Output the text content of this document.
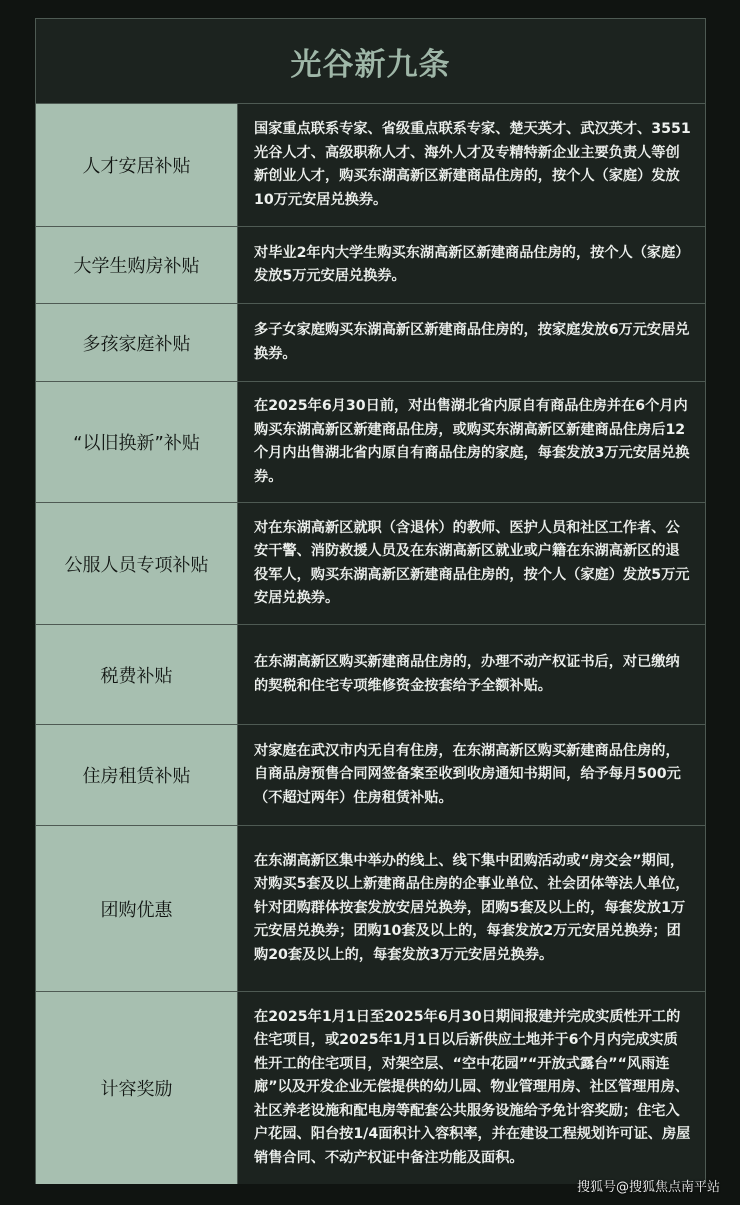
光谷新九条
人才安居补贴
国家重点联系专家、省级重点联系专家、楚天英才、武汉英才、3551光谷人才、高级职称人才、海外人才及专精特新企业主要负责人等创新创业人才，购买东湖高新区新建商品住房的，按个人（家庭）发放10万元安居兑换券。
大学生购房补贴
对毕业2年内大学生购买东湖高新区新建商品住房的，按个人（家庭）发放5万元安居兑换券。
多孩家庭补贴
多子女家庭购买东湖高新区新建商品住房的，按家庭发放6万元安居兑换券。
“以旧换新”补贴
在2025年6月30日前，对出售湖北省内原自有商品住房并在6个月内购买东湖高新区新建商品住房，或购买东湖高新区新建商品住房后12个月内出售湖北省内原自有商品住房的家庭，每套发放3万元安居兑换券。
公服人员专项补贴
对在东湖高新区就职（含退休）的教师、医护人员和社区工作者、公安干警、消防救援人员及在东湖高新区就业或户籍在东湖高新区的退役军人，购买东湖高新区新建商品住房的，按个人（家庭）发放5万元安居兑换券。
税费补贴
在东湖高新区购买新建商品住房的，办理不动产权证书后，对已缴纳的契税和住宅专项维修资金按套给予全额补贴。
住房租赁补贴
对家庭在武汉市内无自有住房，在东湖高新区购买新建商品住房的，自商品房预售合同网签备案至收到收房通知书期间，给予每月500元（不超过两年）住房租赁补贴。
团购优惠
在东湖高新区集中举办的线上、线下集中团购活动或“房交会”期间，对购买5套及以上新建商品住房的企事业单位、社会团体等法人单位，针对团购群体按套发放安居兑换券，团购5套及以上的，每套发放1万元安居兑换券；团购10套及以上的，每套发放2万元安居兑换券；团购20套及以上的，每套发放3万元安居兑换券。
计容奖励
在2025年1月1日至2025年6月30日期间报建并完成实质性开工的住宅项目，或2025年1月1日以后新供应土地并于6个月内完成实质性开工的住宅项目，对架空层、“空中花园”“开放式露台”“风雨连廊”以及开发企业无偿提供的幼儿园、物业管理用房、社区管理用房、社区养老设施和配电房等配套公共服务设施给予免计容奖励；住宅入户花园、阳台按1/4面积计入容积率，并在建设工程规划许可证、房屋销售合同、不动产权证中备注功能及面积。
搜狐号@搜狐焦点南平站
